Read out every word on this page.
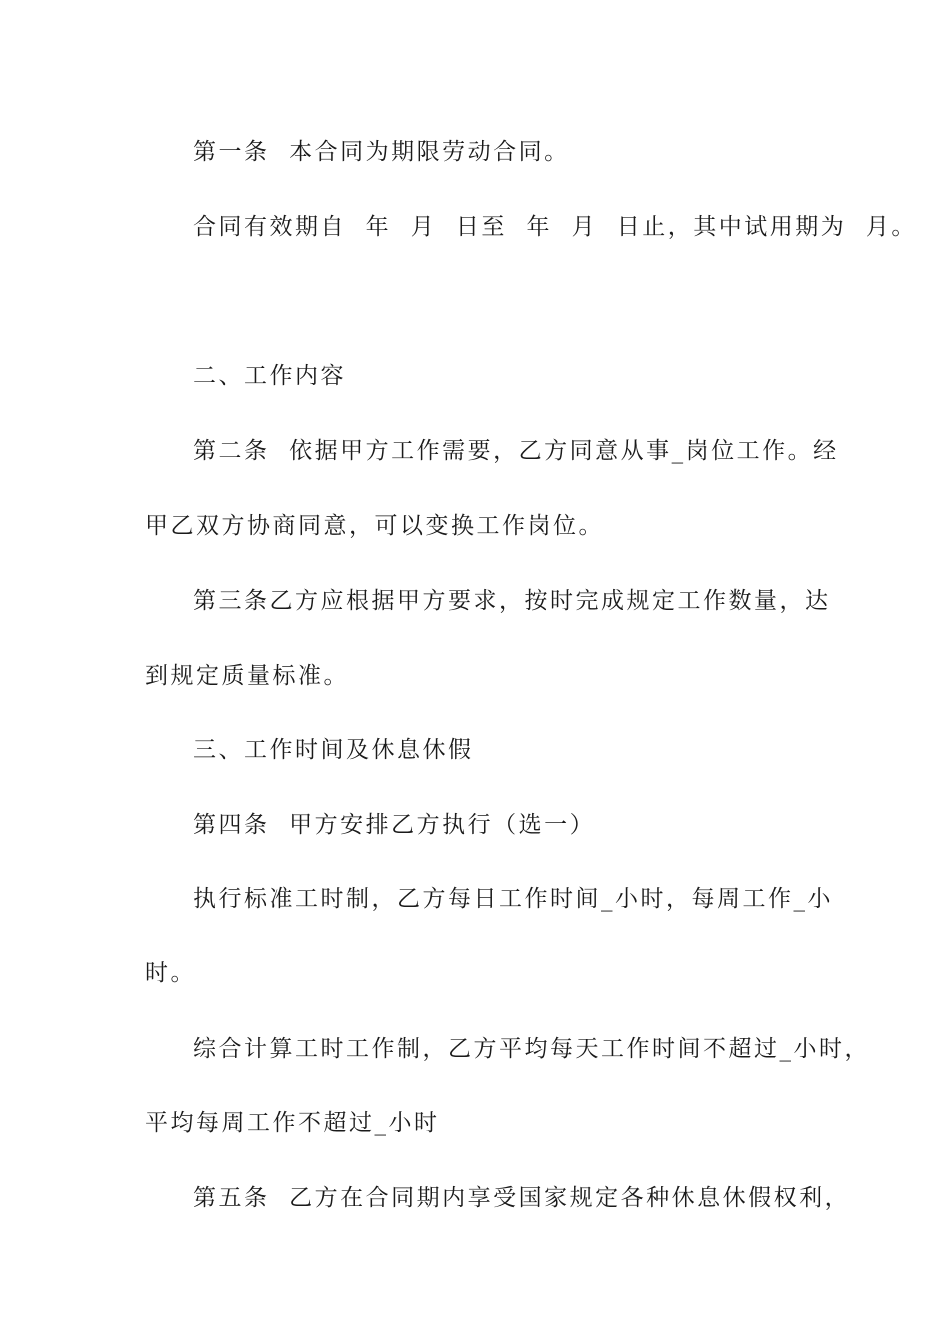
第一条  本合同为期限劳动合同。
合同有效期自  年  月  日至  年  月  日止，其中试用期为  月。
二、工作内容
第二条  依据甲方工作需要，乙方同意从事_岗位工作。经
甲乙双方协商同意，可以变换工作岗位。
第三条乙方应根据甲方要求，按时完成规定工作数量，达
到规定质量标准。
三、工作时间及休息休假
第四条  甲方安排乙方执行（选一）
执行标准工时制，乙方每日工作时间_小时，每周工作_小
时。
综合计算工时工作制，乙方平均每天工作时间不超过_小时，
平均每周工作不超过_小时
第五条  乙方在合同期内享受国家规定各种休息休假权利，
